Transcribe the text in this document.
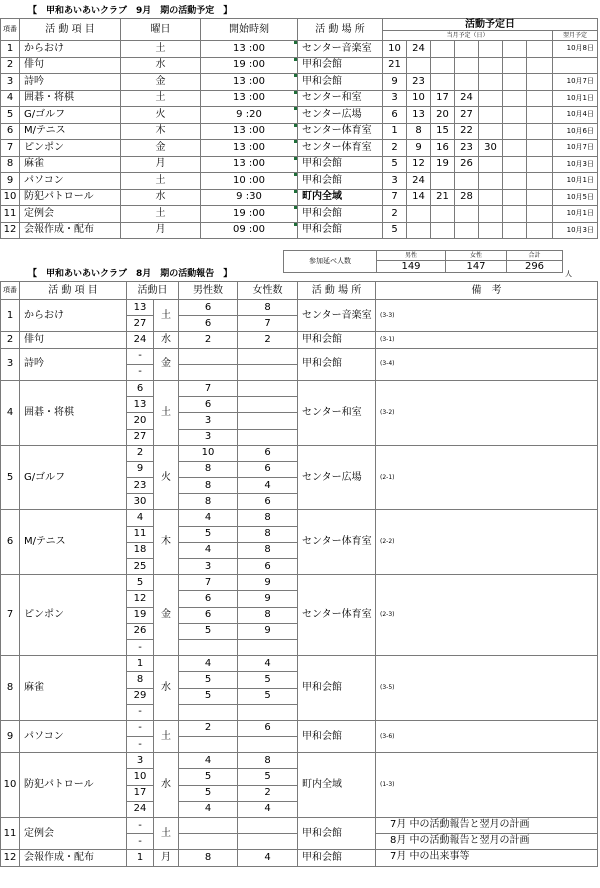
【　甲和あいあいクラブ　9月　期の活動予定　】
項番	活 動 項 目	曜日	開始時刻	活 動 場 所	活動予定日							
					当月予定（日）							翌月予定
1	からおけ	土	13 :00	センター音楽室	10	24						10月8日
2	俳句	水	19 :00	甲和会館	21							
3	詩吟	金	13 :00	甲和会館	9	23						10月7日
4	囲碁・将棋	土	13 :00	センター和室	3	10	17	24				10月1日
5	G/ゴルフ	火	9 :20	センター広場	6	13	20	27				10月4日
6	M/テニス	木	13 :00	センター体育室	1	8	15	22				10月6日
7	ピンポン	金	13 :00	センター体育室	2	9	16	23	30			10月7日
8	麻雀	月	13 :00	甲和会館	5	12	19	26				10月3日
9	パソコン	土	10 :00	甲和会館	3	24						10月1日
10	防犯パトロール	水	9 :30	町内全域	7	14	21	28				10月5日
11	定例会	土	19 :00	甲和会館	2							10月1日
12	会報作成・配布	月	09 :00	甲和会館	5							10月3日
参加延べ人数	男性	女性	合計	$_人$
	149	147	296	
【　甲和あいあいクラブ　8月　期の活動報告　】
項番	活 動 項 目	活動日		男性数	女性数	活 動 場 所	備　考
1	からおけ	13	土	6	8	センター音楽室	(3-3)
		27		6	7		
2	俳句	24	水	2	2	甲和会館	(3-1)
3	詩吟	-	金			甲和会館	(3-4)
		-					
4	囲碁・将棋	6	土	7		センター和室	(3-2)
		13		6			
		20		3			
		27		3			
5	G/ゴルフ	2	火	10	6	センター広場	(2-1)
		9		8	6		
		23		8	4		
		30		8	6		
6	M/テニス	4	木	4	8	センター体育室	(2-2)
		11		5	8		
		18		4	8		
		25		3	6		
7	ピンポン	5	金	7	9	センター体育室	(2-3)
		12		6	9		
		19		6	8		
		26		5	9		
		-					
8	麻雀	1	水	4	4	甲和会館	(3-5)
		8		5	5		
		29		5	5		
		-					
9	パソコン	-	土	2	6	甲和会館	(3-6)
		-					
10	防犯パトロール	3	水	4	8	町内全域	(1-3)
		10		5	5		
		17		5	2		
		24		4	4		
11	定例会	-	土			甲和会館	7月 中の活動報告と翌月の計画
		-					8月 中の活動報告と翌月の計画
12	会報作成・配布	1	月	8	4	甲和会館	7月 中の出来事等
